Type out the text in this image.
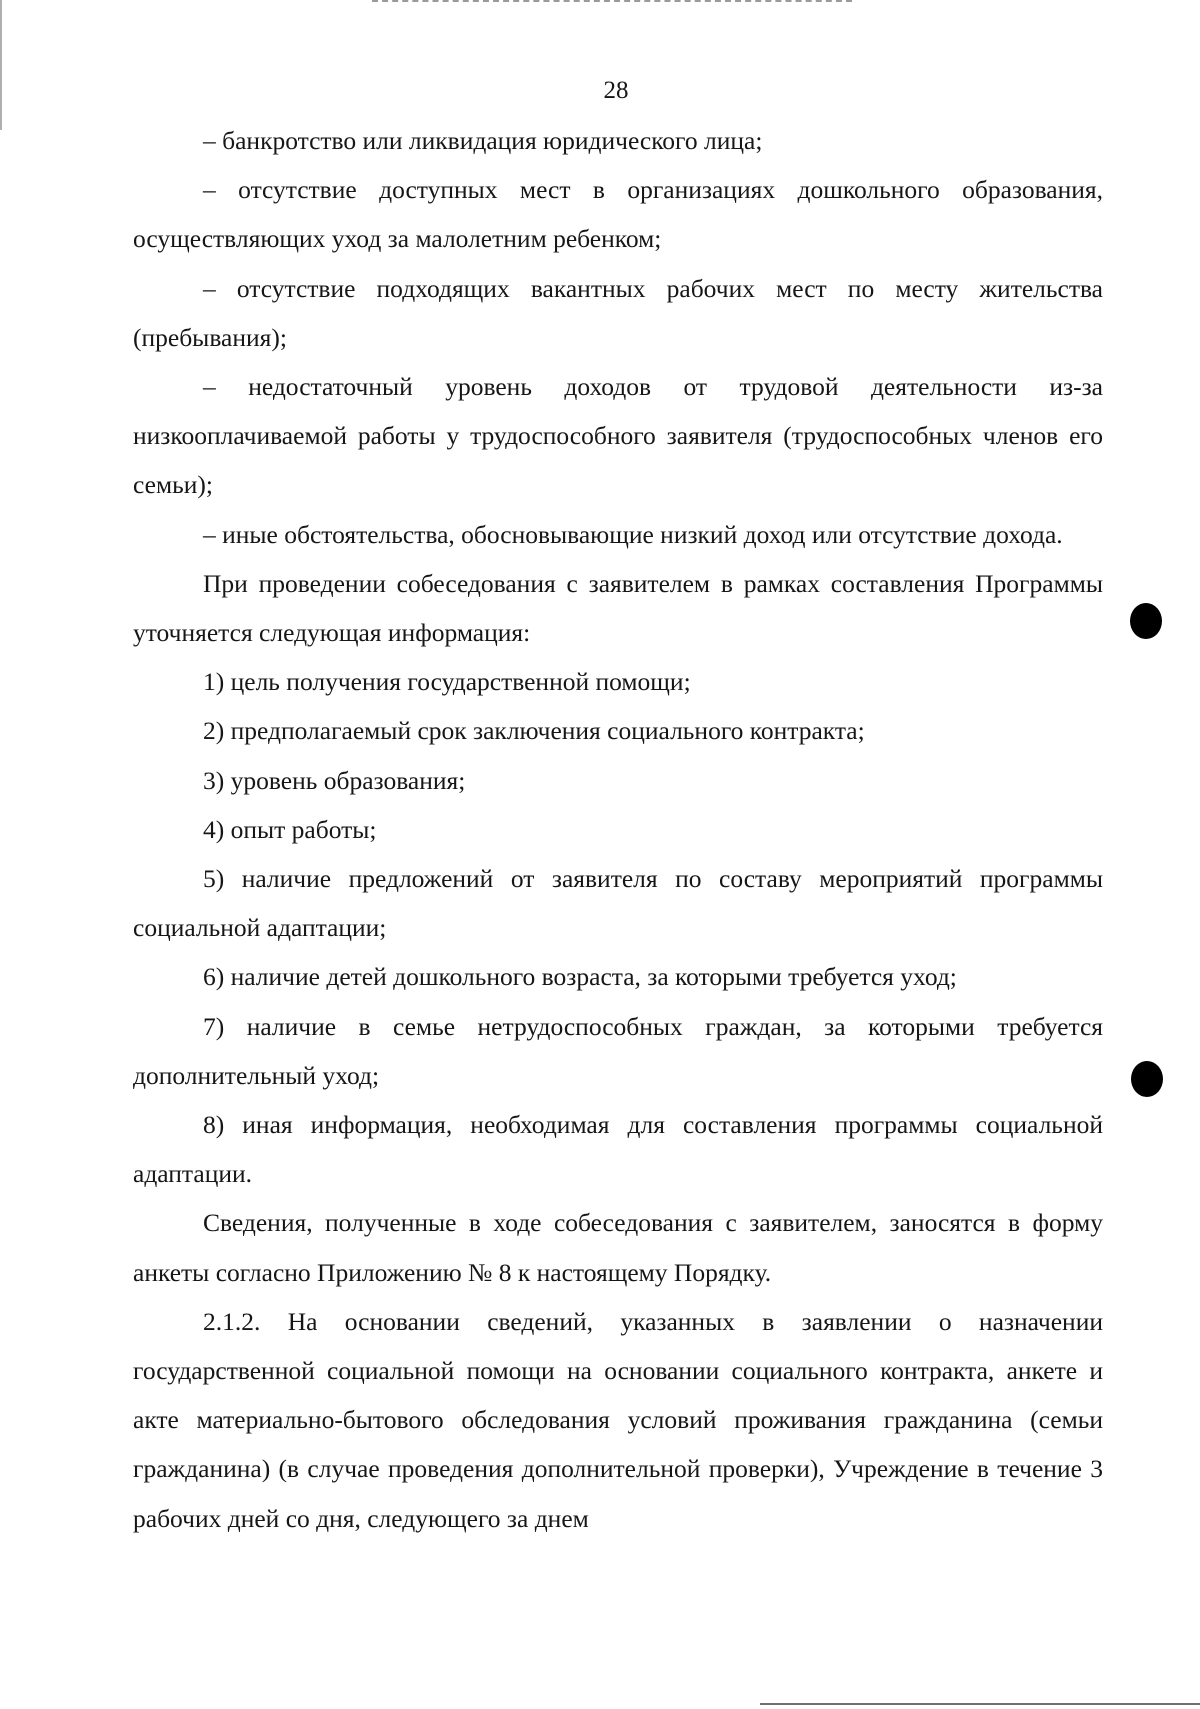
28

– банкротство или ликвидация юридического лица;

– отсутствие доступных мест в организациях дошкольного образования, осуществляющих уход за малолетним ребенком;

– отсутствие подходящих вакантных рабочих мест по месту жительства (пребывания);

– недостаточный уровень доходов от трудовой деятельности из-за низкооплачиваемой работы у трудоспособного заявителя (трудоспособных членов его семьи);

– иные обстоятельства, обосновывающие низкий доход или отсутствие дохода.

При проведении собеседования с заявителем в рамках составления Программы уточняется следующая информация:

1) цель получения государственной помощи;

2) предполагаемый срок заключения социального контракта;

3) уровень образования;

4) опыт работы;

5) наличие предложений от заявителя по составу мероприятий программы социальной адаптации;

6) наличие детей дошкольного возраста, за которыми требуется уход;

7) наличие в семье нетрудоспособных граждан, за которыми требуется дополнительный уход;

8) иная информация, необходимая для составления программы социальной адаптации.

Сведения, полученные в ходе собеседования с заявителем, заносятся в форму анкеты согласно Приложению № 8 к настоящему Порядку.

2.1.2. На основании сведений, указанных в заявлении о назначении государственной социальной помощи на основании социального контракта, анкете и акте материально-бытового обследования условий проживания гражданина (семьи гражданина) (в случае проведения дополнительной проверки), Учреждение в течение 3 рабочих дней со дня, следующего за днем
